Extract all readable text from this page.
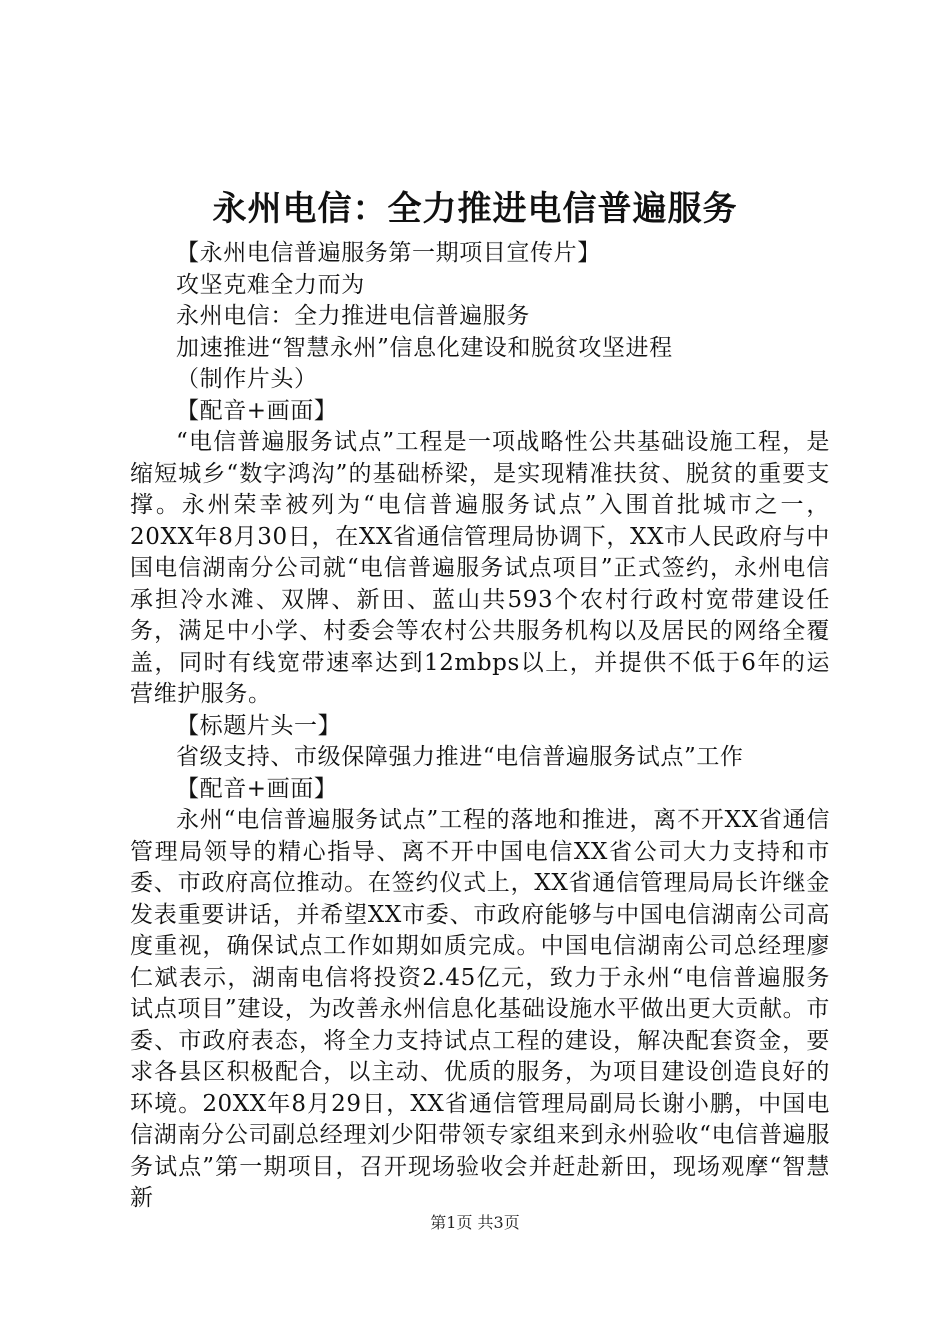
永州电信：全力推进电信普遍服务

【永州电信普遍服务第一期项目宣传片】

攻坚克难全力而为

永州电信：全力推进电信普遍服务

加速推进“智慧永州”信息化建设和脱贫攻坚进程

（制作片头）

【配音+画面】

“电信普遍服务试点”工程是一项战略性公共基础设施工程，是缩短城乡“数字鸿沟”的基础桥梁，是实现精准扶贫、脱贫的重要支撑。永州荣幸被列为“电信普遍服务试点”入围首批城市之一，20XX年8月30日，在XX省通信管理局协调下，XX市人民政府与中国电信湖南分公司就“电信普遍服务试点项目”正式签约，永州电信承担冷水滩、双牌、新田、蓝山共593个农村行政村宽带建设任务，满足中小学、村委会等农村公共服务机构以及居民的网络全覆盖，同时有线宽带速率达到12mbps以上，并提供不低于6年的运营维护服务。

【标题片头一】

省级支持、市级保障强力推进“电信普遍服务试点”工作

【配音+画面】

永州“电信普遍服务试点”工程的落地和推进，离不开XX省通信管理局领导的精心指导、离不开中国电信XX省公司大力支持和市委、市政府高位推动。在签约仪式上，XX省通信管理局局长许继金发表重要讲话，并希望XX市委、市政府能够与中国电信湖南公司高度重视，确保试点工作如期如质完成。中国电信湖南公司总经理廖仁斌表示，湖南电信将投资2.45亿元，致力于永州“电信普遍服务试点项目”建设，为改善永州信息化基础设施水平做出更大贡献。市委、市政府表态，将全力支持试点工程的建设，解决配套资金，要求各县区积极配合，以主动、优质的服务，为项目建设创造良好的环境。20XX年8月29日，XX省通信管理局副局长谢小鹏，中国电信湖南分公司副总经理刘少阳带领专家组来到永州验收“电信普遍服务试点”第一期项目，召开现场验收会并赶赴新田，现场观摩“智慧新

第1页 共3页
